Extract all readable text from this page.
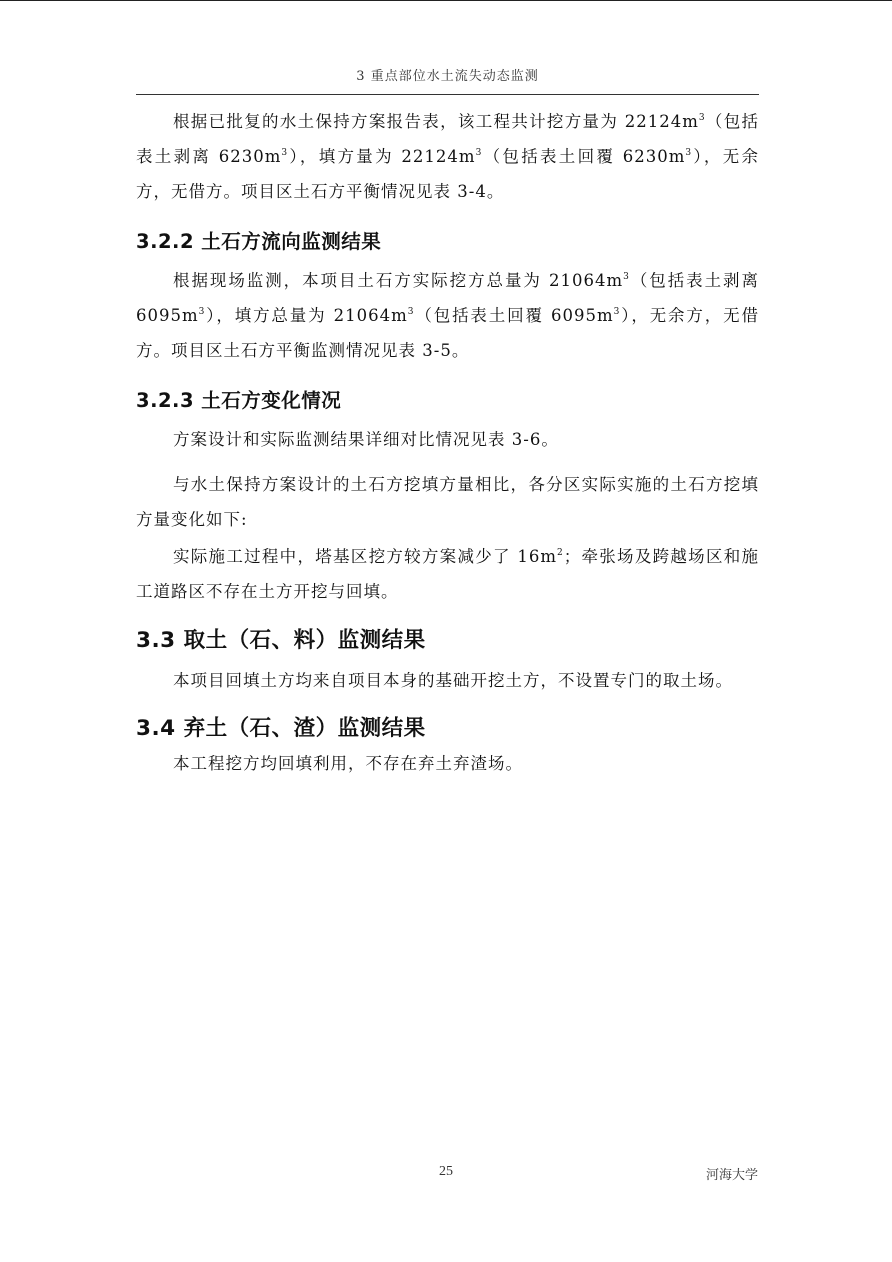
3 重点部位水土流失动态监测

根据已批复的水土保持方案报告表，该工程共计挖方量为 $22124m^3$（包括表土剥离 $6230m^3$），填方量为 $22124m^3$（包括表土回覆 $6230m^3$），无余方，无借方。项目区土石方平衡情况见表 3-4。

3.2.2 土石方流向监测结果

根据现场监测，本项目土石方实际挖方总量为 $21064m^3$（包括表土剥离 $6095m^3$），填方总量为 $21064m^3$（包括表土回覆 $6095m^3$），无余方，无借方。项目区土石方平衡监测情况见表 3-5。

3.2.3 土石方变化情况

方案设计和实际监测结果详细对比情况见表 3-6。

与水土保持方案设计的土石方挖填方量相比，各分区实际实施的土石方挖填方量变化如下:

实际施工过程中，塔基区挖方较方案减少了 $16m^2$；牵张场及跨越场区和施工道路区不存在土方开挖与回填。

3.3 取土（石、料）监测结果

本项目回填土方均来自项目本身的基础开挖土方，不设置专门的取土场。

3.4 弃土（石、渣）监测结果

本工程挖方均回填利用，不存在弃土弃渣场。

25	河海大学
